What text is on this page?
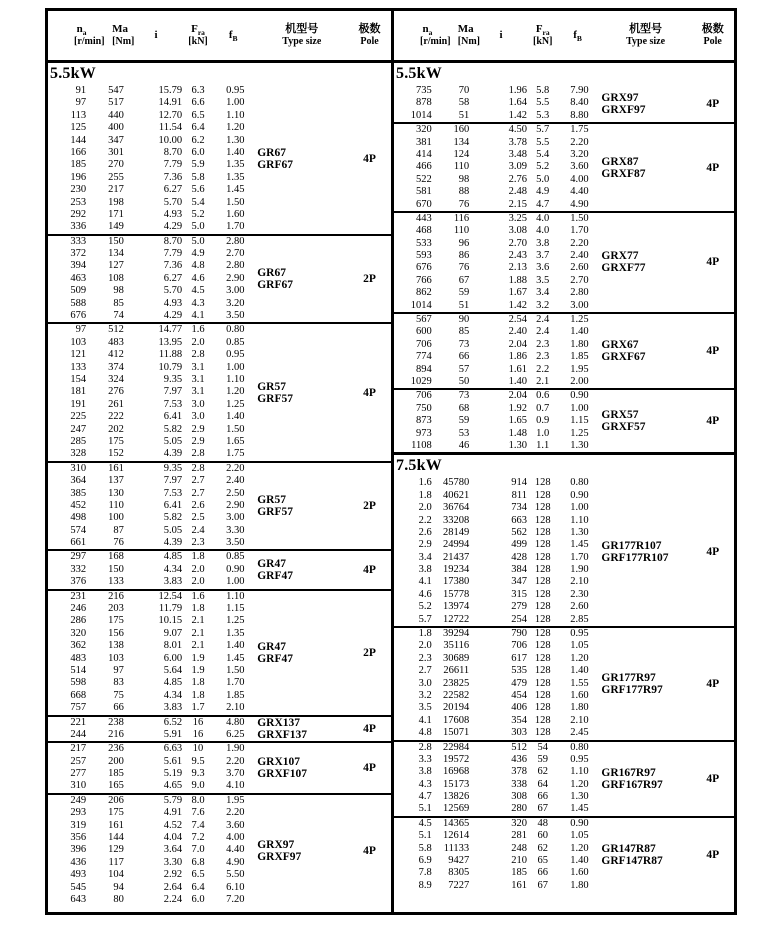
$n_a$
[r/min]
Ma
[Nm]
i	$F_{ra}$
[kN]
$f_B$
机型号
Type size
极数
Pole
5.5kW
91	547	15.79 6.3	0.95
97	517	14.91 6.6	1.00
113	440	12.70 6.5	1.10
125	400	11.54 6.4	1.20
144	347	10.00 6.2	1.30
166	301	8.70 6.0	1.40
185	270	7.79 5.9	1.35
196	255	7.36 5.8	1.35
230	217	6.27 5.6	1.45
253	198	5.70 5.4	1.50
292	171	4.93 5.2	1.60
336	149	4.29 5.0	1.70
GR67
GRF67	4P
333	150	8.70 5.0	2.80
372	134	7.79 4.9	2.70
394	127	7.36 4.8	2.80
463	108	6.27 4.6	2.90
509	98	5.70 4.5	3.00
588	85	4.93 4.3	3.20
676	74	4.29 4.1	3.50
GR67
GRF67	2P
97	512	14.77 1.6	0.80
103	483	13.95 2.0	0.85
121	412	11.88 2.8	0.95
133	374	10.79 3.1	1.00
154	324	9.35 3.1	1.10
181	276	7.97 3.1	1.20
191	261	7.53 3.0	1.25
225	222	6.41 3.0	1.40
247	202	5.82 2.9	1.50
285	175	5.05 2.9	1.65
328	152	4.39 2.8	1.75
GR57
GRF57	4P
310	161	9.35 2.8	2.20
364	137	7.97 2.7	2.40
385	130	7.53 2.7	2.50
452	110	6.41 2.6	2.90
498	100	5.82 2.5	3.00
574	87	5.05 2.4	3.30
661	76	4.39 2.3	3.50
GR57
GRF57	2P
297	168	4.85 1.8	0.85
332	150	4.34 2.0	0.90
376	133	3.83 2.0	1.00
GR47
GRF47	4P
231	216	12.54 1.6	1.10
246	203	11.79 1.8	1.15
286	175	10.15 2.1	1.25
320	156	9.07 2.1	1.35
362	138	8.01 2.1	1.40
483	103	6.00 1.9	1.45
514	97	5.64 1.9	1.50
598	83	4.85 1.8	1.70
668	75	4.34 1.8	1.85
757	66	3.83 1.7	2.10
GR47
GRF47	2P
221	238	6.52	16	4.80
244	216	5.91	16	6.25
GRX137
GRXF137	4P
217	236	6.63	10	1.90
257	200	5.61 9.5	2.20
277	185	5.19 9.3	3.70
310	165	4.65 9.0	4.10
GRX107
GRXF107	4P
249	206	5.79 8.0	1.95
293	175	4.91 7.6	2.20
319	161	4.52 7.4	3.60
356	144	4.04 7.2	4.00
396	129	3.64 7.0	4.40
436	117	3.30 6.8	4.90
493	104	2.92 6.5	5.50
545	94	2.64 6.4	6.10
643	80	2.24 6.0	7.20
GRX97
GRXF97	4P
$n_a$
[r/min]
Ma
[Nm]
i	$F_{ra}$
[kN]
$f_B$
机型号
Type size
极数
Pole
5.5kW
735	70	1.96 5.8	7.90
878	58	1.64 5.5	8.40
1014	51	1.42 5.3	8.80
GRX97
GRXF97	4P
320	160	4.50 5.7	1.75
381	134	3.78 5.5	2.20
414	124	3.48 5.4	3.20
466	110	3.09 5.2	3.60
522	98	2.76 5.0	4.00
581	88	2.48 4.9	4.40
670	76	2.15 4.7	4.90
GRX87
GRXF87	4P
443	116	3.25 4.0	1.50
468	110	3.08 4.0	1.70
533	96	2.70 3.8	2.20
593	86	2.43 3.7	2.40
676	76	2.13 3.6	2.60
766	67	1.88 3.5	2.70
862	59	1.67 3.4	2.80
1014	51	1.42 3.2	3.00
GRX77
GRXF77	4P
567	90	2.54 2.4	1.25
600	85	2.40 2.4	1.40
706	73	2.04 2.3	1.80
774	66	1.86 2.3	1.85
894	57	1.61 2.2	1.95
1029	50	1.40 2.1	2.00
GRX67
GRXF67	4P
706	73	2.04 0.6	0.90
750	68	1.92 0.7	1.00
873	59	1.65 0.9	1.15
973	53	1.48 1.0	1.25
1108	46	1.30 1.1	1.30
GRX57
GRXF57	4P
7.5kW
1.6	45780	914 128	0.80
1.8	40621	811 128	0.90
2.0	36764	734 128	1.00
2.2	33208	663 128	1.10
2.6	28149	562 128	1.30
2.9	24994	499 128	1.45
3.4	21437	428 128	1.70
3.8	19234	384 128	1.90
4.1	17380	347 128	2.10
4.6	15778	315 128	2.30
5.2	13974	279 128	2.60
5.7	12722	254 128	2.85
GR177R107
GRF177R107	4P
1.8	39294	790 128	0.95
2.0	35116	706 128	1.05
2.3	30689	617 128	1.20
2.7	26611	535 128	1.40
3.0	23825	479 128	1.55
3.2	22582	454 128	1.60
3.5	20194	406 128	1.80
4.1	17608	354 128	2.10
4.8	15071	303 128	2.45
GR177R97
GRF177R97	4P
2.8	22984	512	54	0.80
3.3	19572	436	59	0.95
3.8	16968	378	62	1.10
4.3	15173	338	64	1.20
4.7	13826	308	66	1.30
5.1	12569	280	67	1.45
GR167R97
GRF167R97	4P
4.5	14365	320	48	0.90
5.1	12614	281	60	1.05
5.8	11133	248	62	1.20
6.9	9427	210	65	1.40
7.8	8305	185	66	1.60
8.9	7227	161	67	1.80
GR147R87
GRF147R87	4P
